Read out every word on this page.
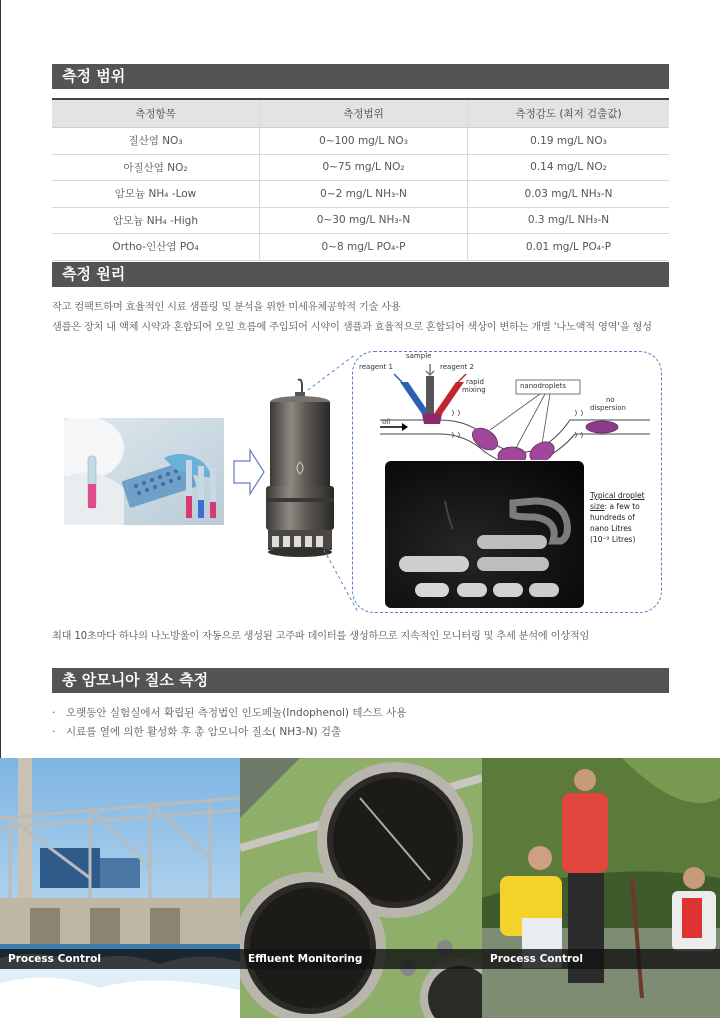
측정 범위
측정항목	측정범위	측정감도 (최저 검출값)
질산염 NO₃	0~100 mg/L NO₃	0.19 mg/L NO₃
아질산염 NO₂	0~75 mg/L NO₂	0.14 mg/L NO₂
암모늄 NH₄ -Low	0~2 mg/L NH₃-N	0.03 mg/L NH₃-N
암모늄 NH₄ -High	0~30 mg/L NH₃-N	0.3 mg/L NH₃-N
Ortho-인산염 PO₄	0~8 mg/L PO₄-P	0.01 mg/L PO₄-P
측정 원리
작고 컴팩트하며 효율적인 시료 샘플링 및 분석을 위한 미세유체공학적 기술 사용
샘플은 장치 내 액체 시약과 혼합되어 오일 흐름에 주입되어 시약이 샘플과 효율적으로 혼합되어 색상이 변하는 개별 '나노액적 영역'을 형성
sample
reagent 1	reagent 2
rapid
mixing	nanodroplets
no
dispersion
oil
Typical droplet
size: a few to
hundreds of
nano Litres
(10⁻⁹ Litres)
최대 10초마다 하나의 나노방울이 자동으로 생성된 고주파 데이터를 생성하므로 지속적인 모니터링 및 추세 분석에 이상적임
총 암모니아 질소 측정
· 오랫동안 실험실에서 확립된 측정법인 인도페놀(Indophenol) 테스트 사용
· 시료를 열에 의한 활성화 후 총 암모니아 질소( NH3-N) 검출
Process Control	Effluent Monitoring	Process Control
